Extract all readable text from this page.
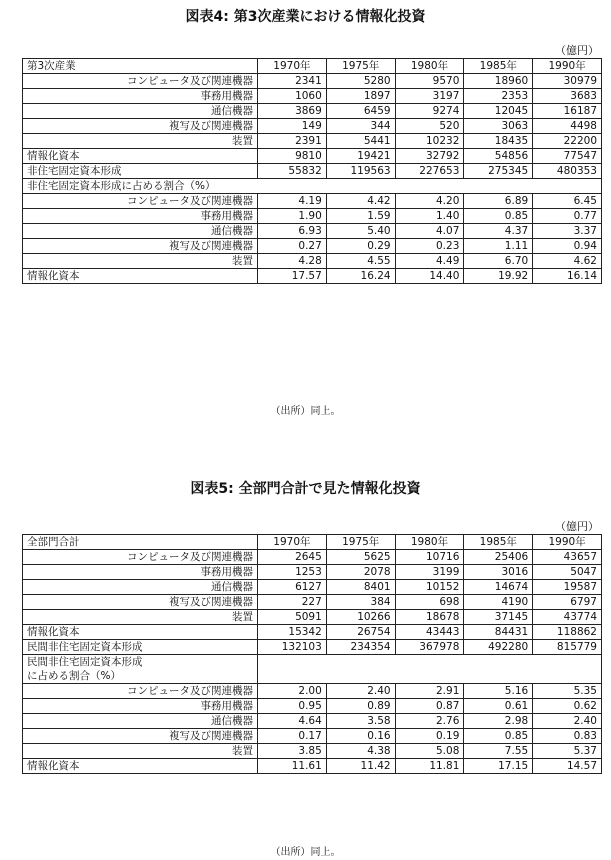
図表4: 第3次産業における情報化投資
（億円）
第3次産業	1970年	1975年	1980年	1985年	1990年
コンピュータ及び関連機器	2341	5280	9570	18960	30979
事務用機器	1060	1897	3197	2353	3683
通信機器	3869	6459	9274	12045	16187
複写及び関連機器	149	344	520	3063	4498
装置	2391	5441	10232	18435	22200
情報化資本	9810	19421	32792	54856	77547
非住宅固定資本形成	55832	119563	227653	275345	480353
非住宅固定資本形成に占める割合（%）					
コンピュータ及び関連機器	4.19	4.42	4.20	6.89	6.45
事務用機器	1.90	1.59	1.40	0.85	0.77
通信機器	6.93	5.40	4.07	4.37	3.37
複写及び関連機器	0.27	0.29	0.23	1.11	0.94
装置	4.28	4.55	4.49	6.70	4.62
情報化資本	17.57	16.24	14.40	19.92	16.14
（出所）同上。
図表5: 全部門合計で見た情報化投資
（億円）
全部門合計	1970年	1975年	1980年	1985年	1990年
コンピュータ及び関連機器	2645	5625	10716	25406	43657
事務用機器	1253	2078	3199	3016	5047
通信機器	6127	8401	10152	14674	19587
複写及び関連機器	227	384	698	4190	6797
装置	5091	10266	18678	37145	43774
情報化資本	15342	26754	43443	84431	118862
民間非住宅固定資本形成	132103	234354	367978	492280	815779
民間非住宅固定資本形成					
に占める割合（%）					
コンピュータ及び関連機器	2.00	2.40	2.91	5.16	5.35
事務用機器	0.95	0.89	0.87	0.61	0.62
通信機器	4.64	3.58	2.76	2.98	2.40
複写及び関連機器	0.17	0.16	0.19	0.85	0.83
装置	3.85	4.38	5.08	7.55	5.37
情報化資本	11.61	11.42	11.81	17.15	14.57
（出所）同上。
